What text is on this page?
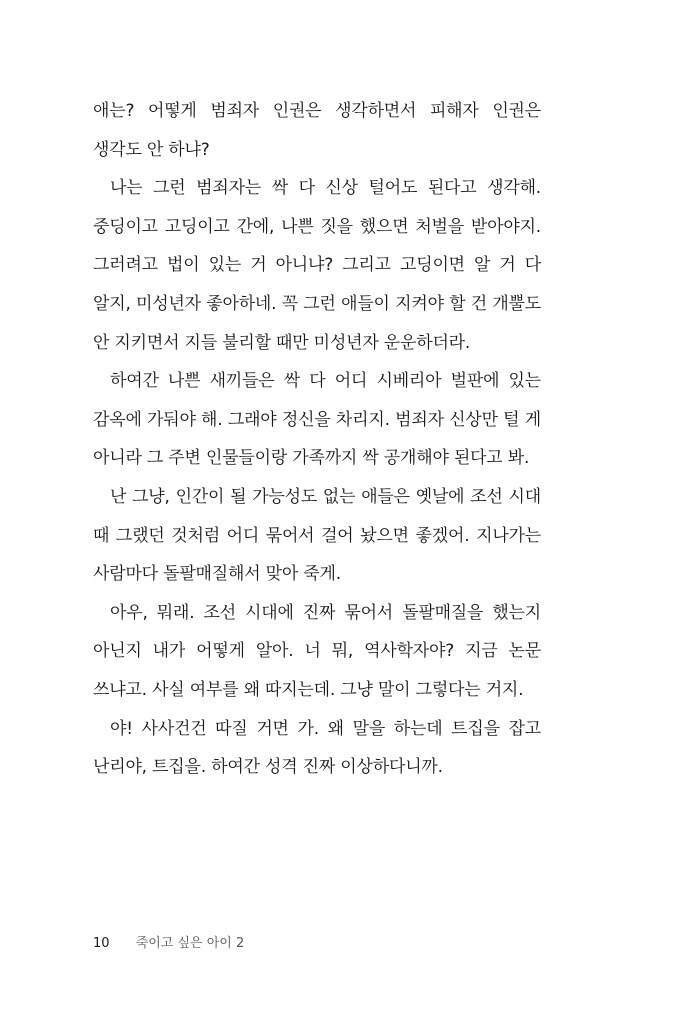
애는? 어떻게 범죄자 인권은 생각하면서 피해자 인권은 생각도 안 하냐?

나는 그런 범죄자는 싹 다 신상 털어도 된다고 생각해. 중딩이고 고딩이고 간에, 나쁜 짓을 했으면 처벌을 받아야지. 그러려고 법이 있는 거 아니냐? 그리고 고딩이면 알 거 다 알지, 미성년자 좋아하네. 꼭 그런 애들이 지켜야 할 건 개뿔도 안 지키면서 지들 불리할 때만 미성년자 운운하더라.

하여간 나쁜 새끼들은 싹 다 어디 시베리아 벌판에 있는 감옥에 가둬야 해. 그래야 정신을 차리지. 범죄자 신상만 털 게 아니라 그 주변 인물들이랑 가족까지 싹 공개해야 된다고 봐.

난 그냥, 인간이 될 가능성도 없는 애들은 옛날에 조선 시대 때 그랬던 것처럼 어디 묶어서 걸어 놨으면 좋겠어. 지나가는 사람마다 돌팔매질해서 맞아 죽게.

아우, 뭐래. 조선 시대에 진짜 묶어서 돌팔매질을 했는지 아닌지 내가 어떻게 알아. 너 뭐, 역사학자야? 지금 논문 쓰냐고. 사실 여부를 왜 따지는데. 그냥 말이 그렇다는 거지.

야! 사사건건 따질 거면 가. 왜 말을 하는데 트집을 잡고 난리야, 트집을. 하여간 성격 진짜 이상하다니까.

10 죽이고 싶은 아이 2
